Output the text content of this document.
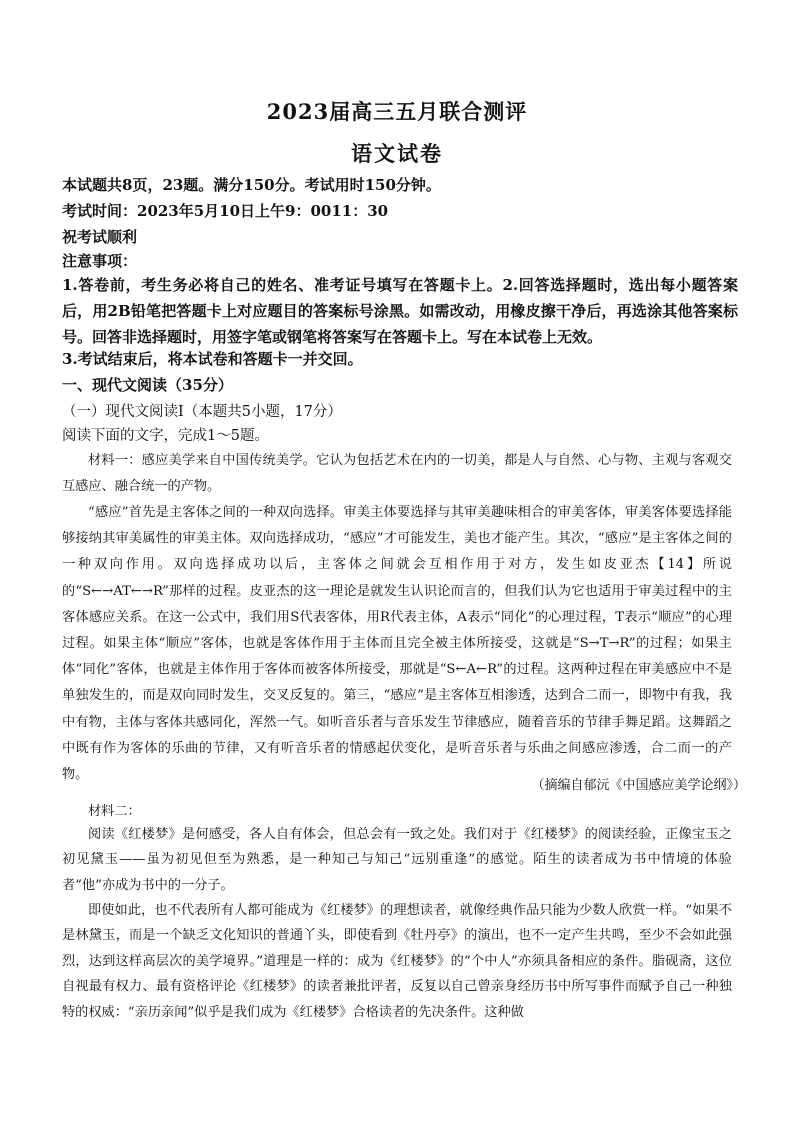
2023届高三五月联合测评
语文试卷
本试题共8页，23题。满分150分。考试用时150分钟。
考试时间：2023年5月10日上午9：0011：30
祝考试顺利
注意事项：
1.答卷前，考生务必将自己的姓名、准考证号填写在答题卡上。2.回答选择题时，选出每小题答案后，用2B铅笔把答题卡上对应题目的答案标号涂黑。如需改动，用橡皮擦干净后，再选涂其他答案标号。回答非选择题时，用签字笔或钢笔将答案写在答题卡上。写在本试卷上无效。
3.考试结束后，将本试卷和答题卡一并交回。
一、现代文阅读（35分）
（一）现代文阅读Ⅰ（本题共5小题，17分）
阅读下面的文字，完成1～5题。
材料一：感应美学来自中国传统美学。它认为包括艺术在内的一切美，都是人与自然、心与物、主观与客观交互感应、融合统一的产物。
“感应”首先是主客体之间的一种双向选择。审美主体要选择与其审美趣味相合的审美客体，审美客体要选择能够接纳其审美属性的审美主体。双向选择成功，“感应”才可能发生，美也才能产生。其次，“感应”是主客体之间的一种双向作用。双向选择成功以后，主客体之间就会互相作用于对方，发生如皮亚杰【14】所说的“S←→AT←→R”那样的过程。皮亚杰的这一理论是就发生认识论而言的，但我们认为它也适用于审美过程中的主客体感应关系。在这一公式中，我们用S代表客体，用R代表主体，A表示“同化”的心理过程，T表示“顺应”的心理过程。如果主体“顺应”客体，也就是客体作用于主体而且完全被主体所接受，这就是“S→T→R”的过程；如果主体“同化”客体，也就是主体作用于客体而被客体所接受，那就是“S←A←R”的过程。这两种过程在审美感应中不是单独发生的，而是双向同时发生，交叉反复的。第三，“感应”是主客体互相渗透，达到合二而一，即物中有我，我中有物，主体与客体共感同化，浑然一气。如听音乐者与音乐发生节律感应，随着音乐的节律手舞足蹈。这舞蹈之中既有作为客体的乐曲的节律，又有听音乐者的情感起伏变化，是听音乐者与乐曲之间感应渗透，合二而一的产物。
（摘编自郁沅《中国感应美学论纲》）
材料二：
阅读《红楼梦》是何感受，各人自有体会，但总会有一致之处。我们对于《红楼梦》的阅读经验，正像宝玉之初见黛玉——虽为初见但至为熟悉，是一种知己与知己“远别重逢”的感觉。陌生的读者成为书中情境的体验者“他”亦成为书中的一分子。
即使如此，也不代表所有人都可能成为《红楼梦》的理想读者，就像经典作品只能为少数人欣赏一样。“如果不是林黛玉，而是一个缺乏文化知识的普通丫头，即使看到《牡丹亭》的演出，也不一定产生共鸣，至少不会如此强烈，达到这样高层次的美学境界。”道理是一样的：成为《红楼梦》的“个中人”亦须具备相应的条件。脂砚斋，这位自视最有权力、最有资格评论《红楼梦》的读者兼批评者，反复以自己曾亲身经历书中所写事件而赋予自己一种独特的权威：“亲历亲闻”似乎是我们成为《红楼梦》合格读者的先决条件。这种做
